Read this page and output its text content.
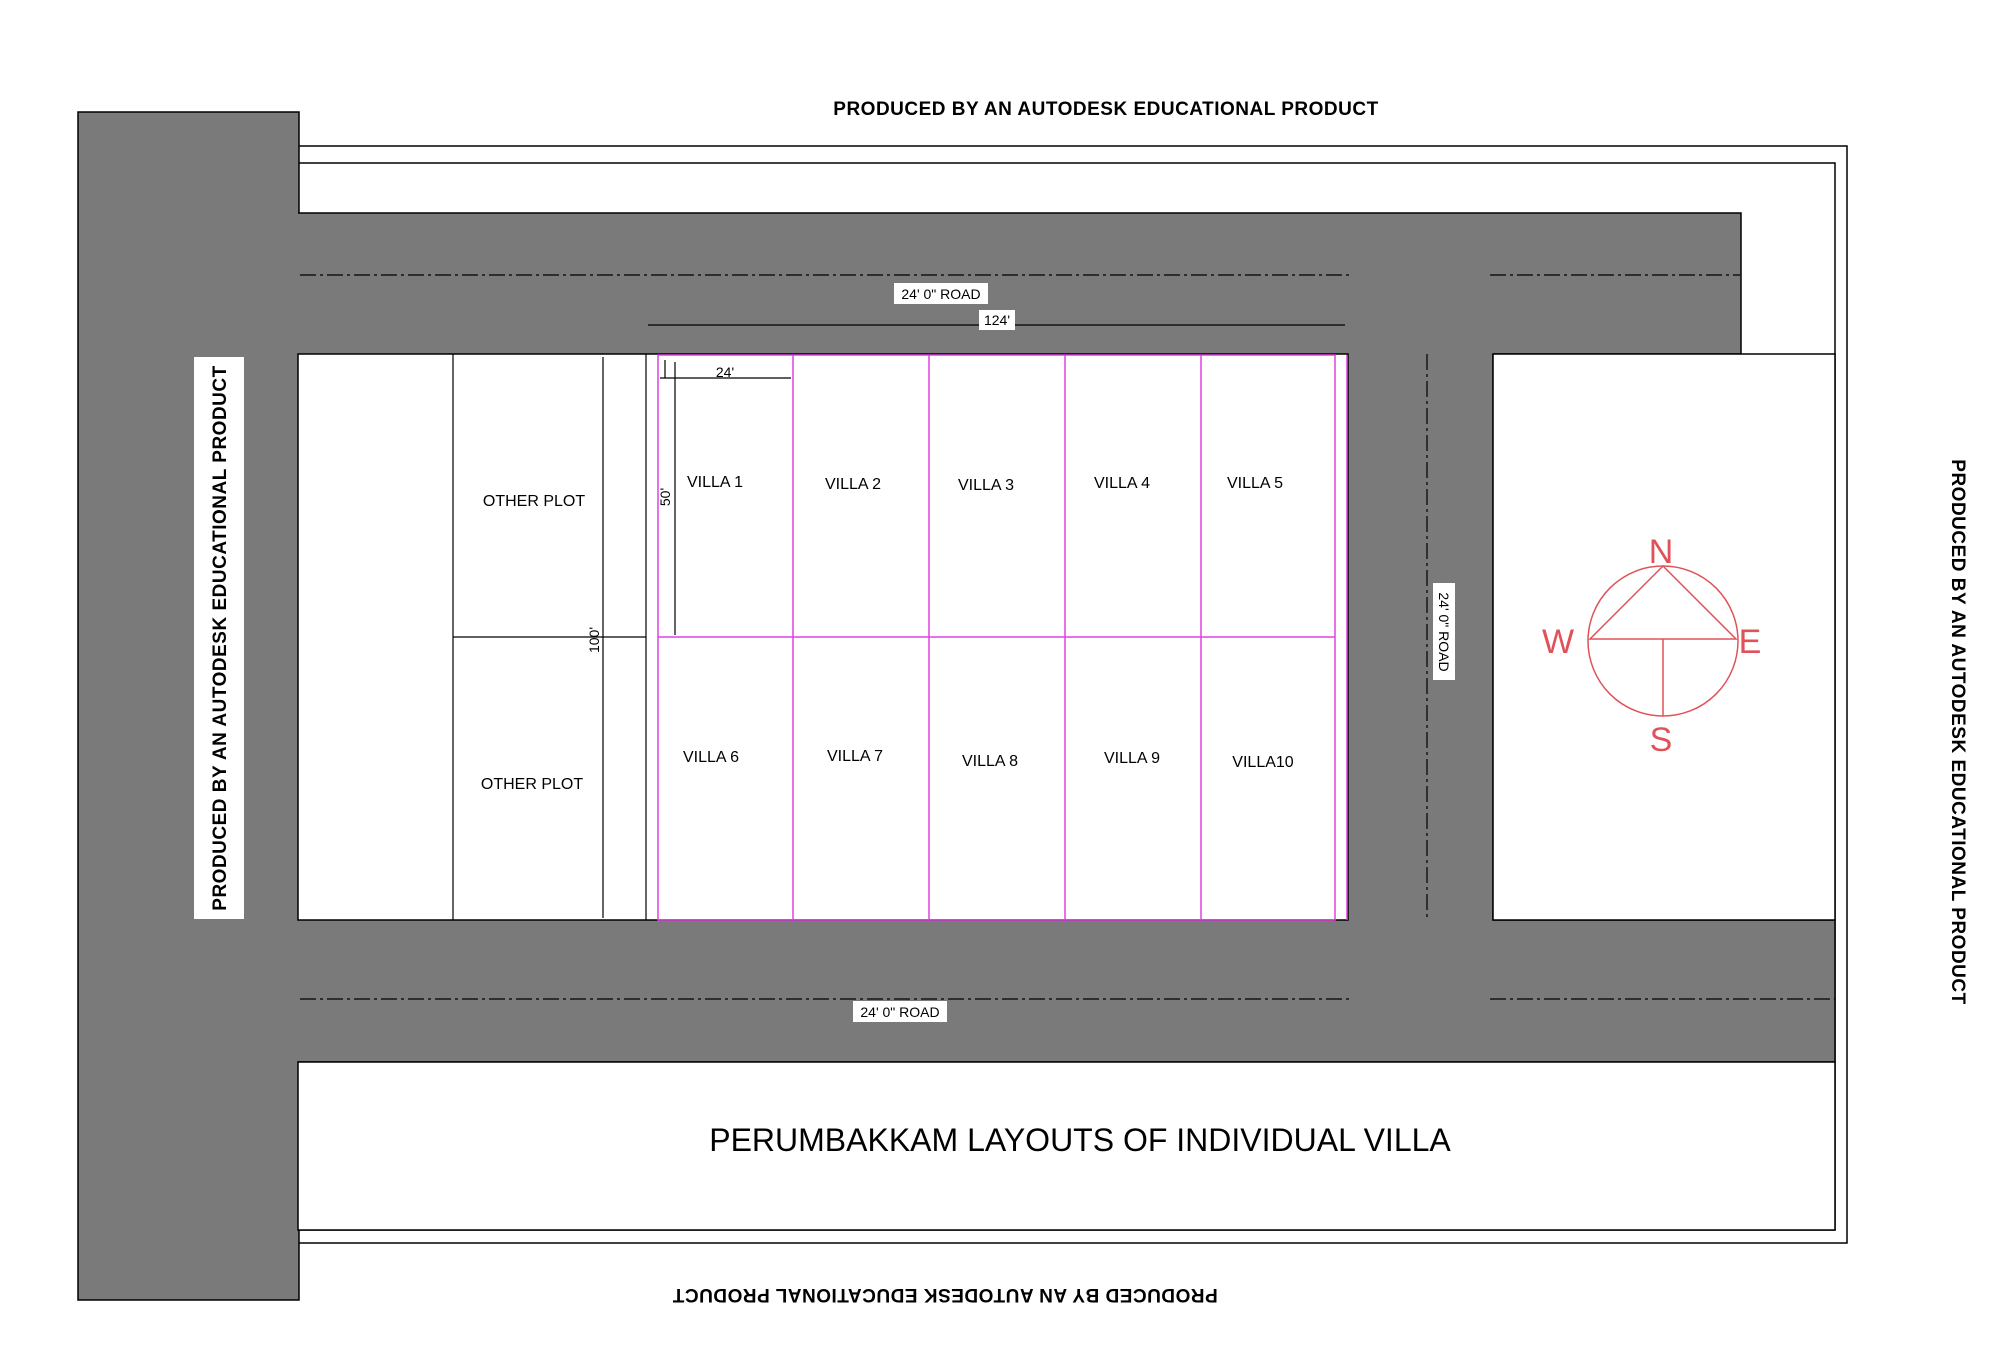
124'
24'
50'
100'
24' 0" ROAD
24' 0" ROAD
24' 0" ROAD
OTHER PLOT
OTHER PLOT
VILLA 1	VILLA 2	VILLA 3	VILLA 4	VILLA 5
VILLA 6	VILLA 7	VILLA 8	VILLA 9	VILLA10
N
S
E
W
PERUMBAKKAM LAYOUTS OF INDIVIDUAL VILLA
PRODUCED BY AN AUTODESK EDUCATIONAL PRODUCT
PRODUCED BY AN AUTODESK EDUCATIONAL PRODUCT	PRODUCED BY AN AUTODESK EDUCATIONAL PRODUCT
PRODUCED BY AN AUTODESK EDUCATIONAL PRODUCT
